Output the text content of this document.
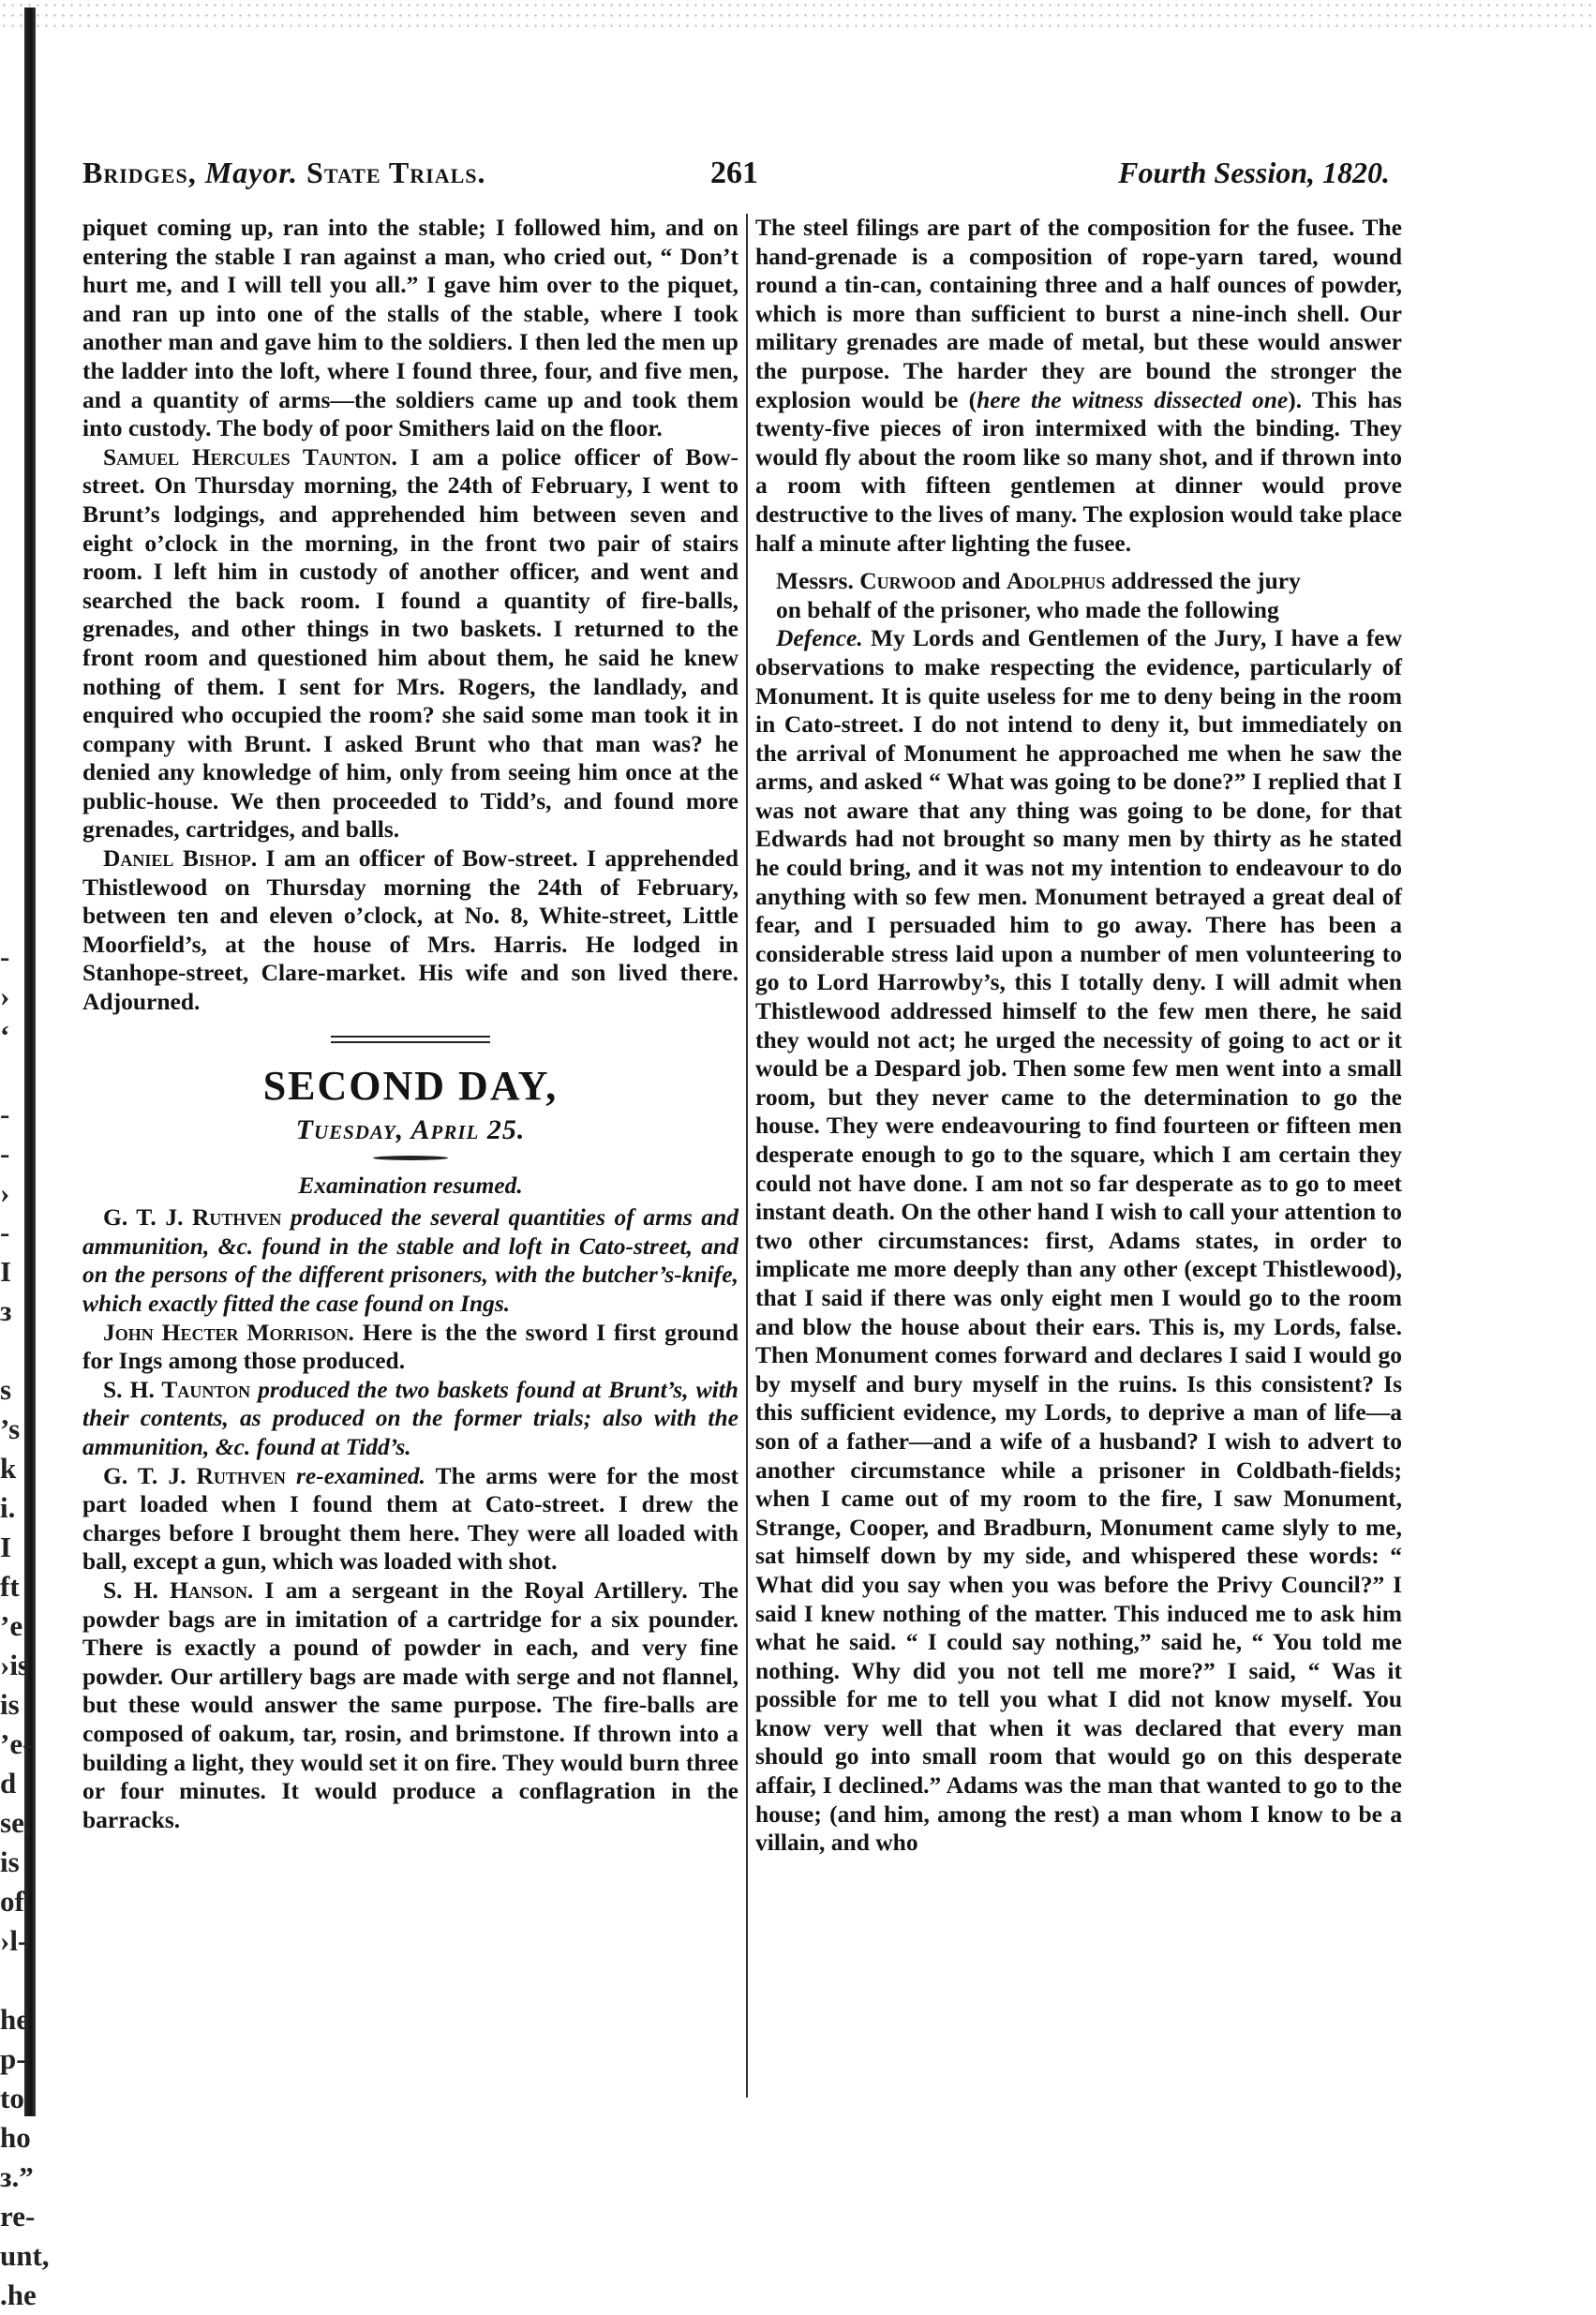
-
›
‘

-
-
›
-
I
з

s
’s
k
i.
I
ft
’e
›is
is
’e-
d
se,
is
of
›l-

he
p-
to
ho
з.”
re-
unt,
.he
Bridges, Mayor. State Trials.	261	Fourth Session, 1820.

piquet coming up, ran into the stable; I followed him, and on entering the stable I ran against a man, who cried out, “ Don’t hurt me, and I will tell you all.” I gave him over to the piquet, and ran up into one of the stalls of the stable, where I took another man and gave him to the soldiers. I then led the men up the ladder into the loft, where I found three, four, and five men, and a quantity of arms—the soldiers came up and took them into custody. The body of poor Smithers laid on the floor.

Samuel Hercules Taunton. I am a police officer of Bow-street. On Thursday morning, the 24th of February, I went to Brunt’s lodgings, and apprehended him between seven and eight o’clock in the morning, in the front two pair of stairs room. I left him in custody of another officer, and went and searched the back room. I found a quantity of fire-balls, grenades, and other things in two baskets. I returned to the front room and questioned him about them, he said he knew nothing of them. I sent for Mrs. Rogers, the landlady, and enquired who occupied the room? she said some man took it in company with Brunt. I asked Brunt who that man was? he denied any knowledge of him, only from seeing him once at the public-house. We then proceeded to Tidd’s, and found more grenades, cartridges, and balls.

Daniel Bishop. I am an officer of Bow-street. I apprehended Thistlewood on Thursday morning the 24th of February, between ten and eleven o’clock, at No. 8, White-street, Little Moorfield’s, at the house of Mrs. Harris. He lodged in Stanhope-street, Clare-market. His wife and son lived there. Adjourned.

SECOND DAY,
Tuesday, April 25.
Examination resumed.

G. T. J. Ruthven produced the several quantities of arms and ammunition, &c. found in the stable and loft in Cato-street, and on the persons of the different prisoners, with the butcher’s-knife, which exactly fitted the case found on Ings.

John Hecter Morrison. Here is the the sword I first ground for Ings among those produced.

S. H. Taunton produced the two baskets found at Brunt’s, with their contents, as produced on the former trials; also with the ammunition, &c. found at Tidd’s.

G. T. J. Ruthven re-examined. The arms were for the most part loaded when I found them at Cato-street. I drew the charges before I brought them here. They were all loaded with ball, except a gun, which was loaded with shot.

S. H. Hanson. I am a sergeant in the Royal Artillery. The powder bags are in imitation of a cartridge for a six pounder. There is exactly a pound of powder in each, and very fine powder. Our artillery bags are made with serge and not flannel, but these would answer the same purpose. The fire-balls are composed of oakum, tar, rosin, and brimstone. If thrown into a building a light, they would set it on fire. They would burn three or four minutes. It would produce a conflagration in the barracks.

The steel filings are part of the composition for the fusee. The hand-grenade is a composition of rope-yarn tared, wound round a tin-can, containing three and a half ounces of powder, which is more than sufficient to burst a nine-inch shell. Our military grenades are made of metal, but these would answer the purpose. The harder they are bound the stronger the explosion would be (here the witness dissected one). This has twenty-five pieces of iron intermixed with the binding. They would fly about the room like so many shot, and if thrown into a room with fifteen gentlemen at dinner would prove destructive to the lives of many. The explosion would take place half a minute after lighting the fusee.

Messrs. Curwood and Adolphus addressed the jury

on behalf of the prisoner, who made the following

Defence. My Lords and Gentlemen of the Jury, I have a few observations to make respecting the evidence, particularly of Monument. It is quite useless for me to deny being in the room in Cato-street. I do not intend to deny it, but immediately on the arrival of Monument he approached me when he saw the arms, and asked “ What was going to be done?” I replied that I was not aware that any thing was going to be done, for that Edwards had not brought so many men by thirty as he stated he could bring, and it was not my intention to endeavour to do anything with so few men. Monument betrayed a great deal of fear, and I persuaded him to go away. There has been a considerable stress laid upon a number of men volunteering to go to Lord Harrowby’s, this I totally deny. I will admit when Thistlewood addressed himself to the few men there, he said they would not act; he urged the necessity of going to act or it would be a Despard job. Then some few men went into a small room, but they never came to the determination to go the house. They were endeavouring to find fourteen or fifteen men desperate enough to go to the square, which I am certain they could not have done. I am not so far desperate as to go to meet instant death. On the other hand I wish to call your attention to two other circumstances: first, Adams states, in order to implicate me more deeply than any other (except Thistlewood), that I said if there was only eight men I would go to the room and blow the house about their ears. This is, my Lords, false. Then Monument comes forward and declares I said I would go by myself and bury myself in the ruins. Is this consistent? Is this sufficient evidence, my Lords, to deprive a man of life—a son of a father—and a wife of a husband? I wish to advert to another circumstance while a prisoner in Coldbath-fields; when I came out of my room to the fire, I saw Monument, Strange, Cooper, and Bradburn, Monument came slyly to me, sat himself down by my side, and whispered these words: “ What did you say when you was before the Privy Council?” I said I knew nothing of the matter. This induced me to ask him what he said. “ I could say nothing,” said he, “ You told me nothing. Why did you not tell me more?” I said, “ Was it possible for me to tell you what I did not know myself. You know very well that when it was declared that every man should go into small room that would go on this desperate affair, I declined.” Adams was the man that wanted to go to the house; (and him, among the rest) a man whom I know to be a villain, and who
